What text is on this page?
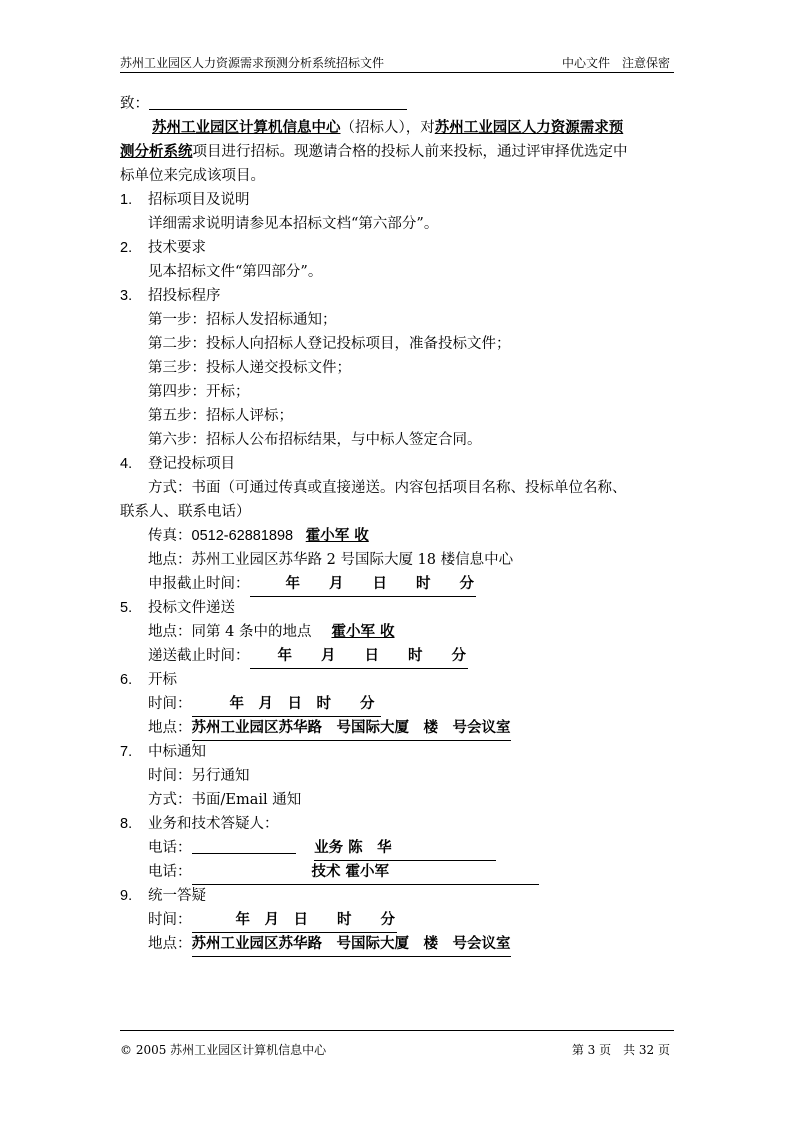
苏州工业园区人力资源需求预测分析系统招标文件	中心文件　注意保密
致：
苏州工业园区计算机信息中心（招标人），对苏州工业园区人力资源需求预
测分析系统项目进行招标。现邀请合格的投标人前来投标，通过评审择优选定中
标单位来完成该项目。
1. 招标项目及说明
详细需求说明请参见本招标文档“第六部分”。
2. 技术要求
见本招标文件“第四部分”。
3. 招投标程序
第一步：招标人发招标通知；
第二步：投标人向招标人登记投标项目，准备投标文件；
第三步：投标人递交投标文件；
第四步：开标；
第五步：招标人评标；
第六步：招标人公布招标结果，与中标人签定合同。
4. 登记投标项目
方式：书面（可通过传真或直接递送。内容包括项目名称、投标单位名称、
联系人、联系电话）
传真：0512-62881898 霍小军 收
地点：苏州工业园区苏华路 2 号国际大厦 18 楼信息中心
申报截止时间： 年　　月　　日　　时　　分
5. 投标文件递送
地点：同第 4 条中的地点 霍小军 收
递送截止时间： 年　　月　　日　　时　　分
6. 开标
时间：	年　月　日　时　　分
地点：苏州工业园区苏华路　号国际大厦　楼　号会议室
7. 中标通知
时间：另行通知
方式：书面/Email 通知
8. 业务和技术答疑人：
电话：	业务 陈　华
电话：	技术 霍小军
9. 统一答疑
时间：	年　月　日　　时　　分
地点：苏州工业园区苏华路　号国际大厦　楼　号会议室
© 2005 苏州工业园区计算机信息中心	第 3 页　共 32 页
